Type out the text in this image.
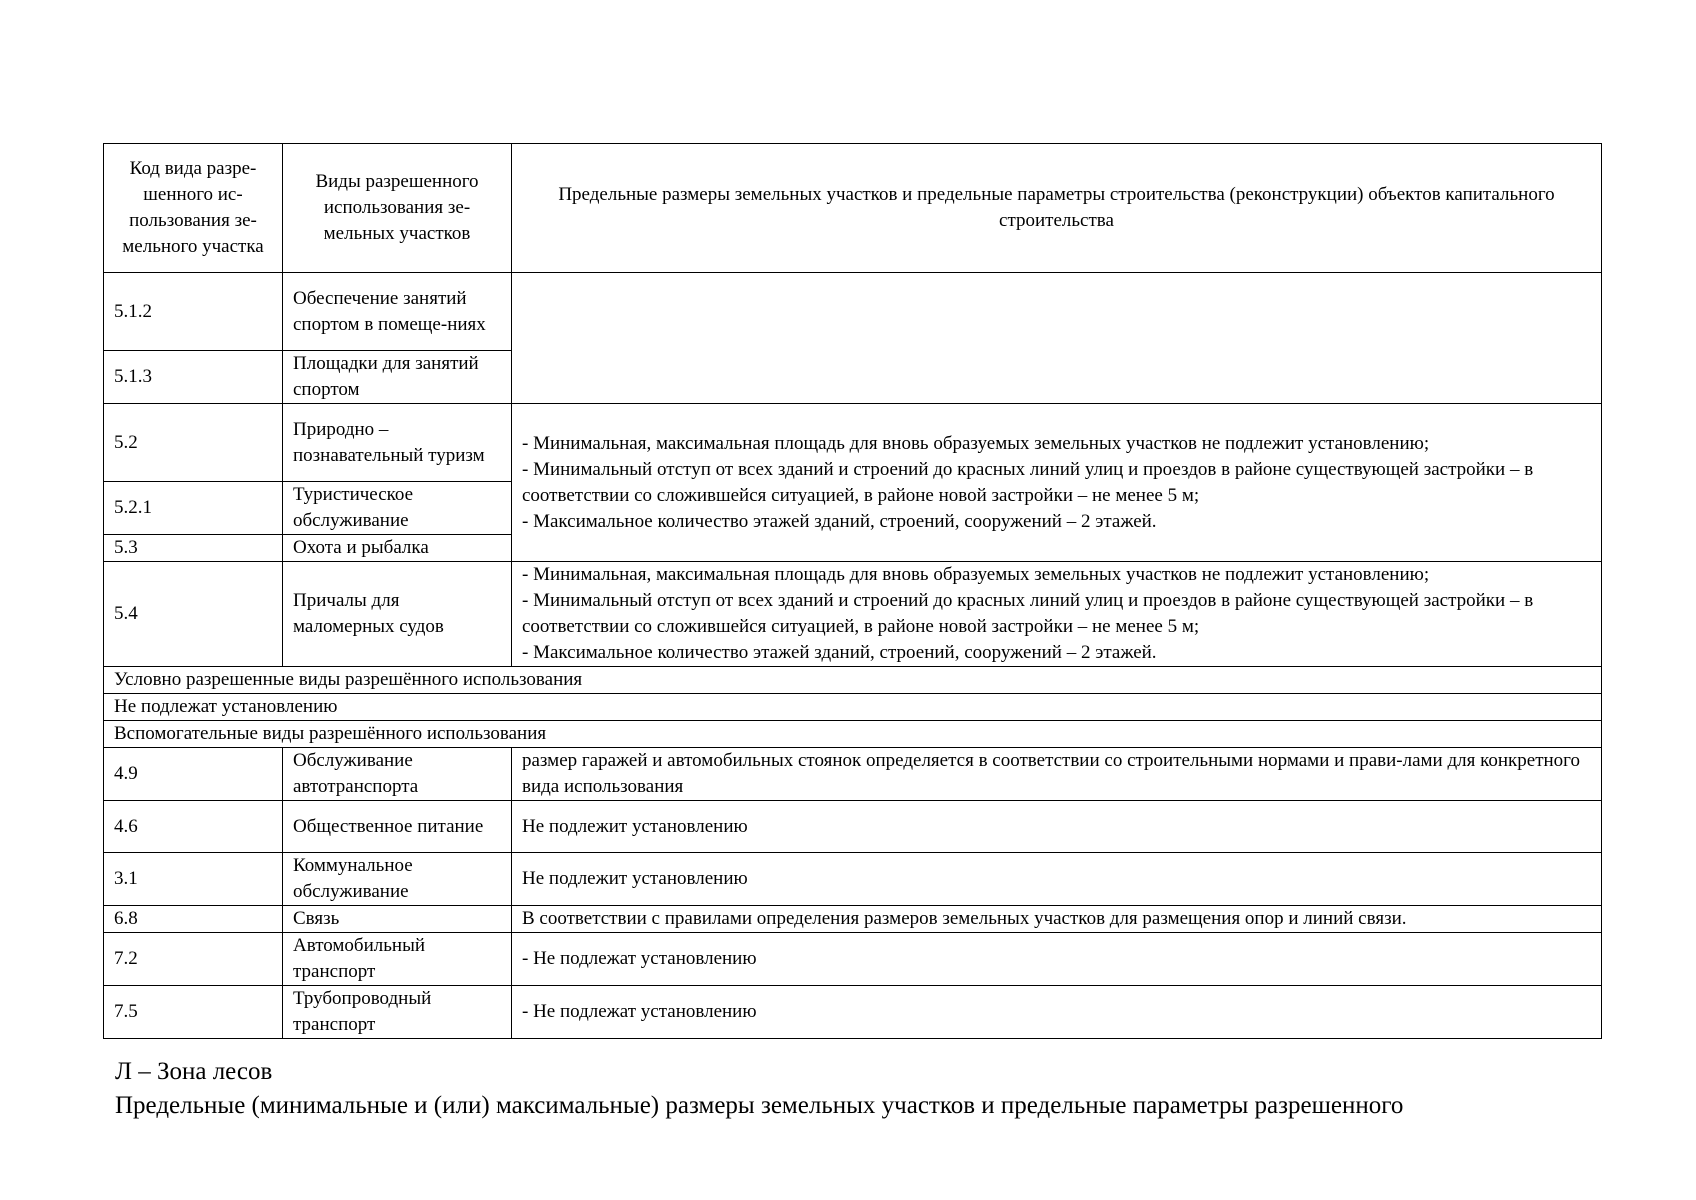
Код вида разре-шенного ис-пользования зе-мельного участка	Виды разрешенного использования зе-мельных участков	Предельные размеры земельных участков и предельные параметры строительства (реконструкции) объектов капитального строительства
5.1.2	Обеспечение занятий спортом в помеще-ниях	
5.1.3	Площадки для занятий спортом	
5.2	Природно – познавательный туризм	- Минимальная, максимальная площадь для вновь образуемых земельных участков не подлежит установлению;
- Минимальный отступ от всех зданий и строений до красных линий улиц и проездов в районе существующей застройки – в соответствии со сложившейся ситуацией, в районе новой застройки – не менее 5 м;
- Максимальное количество этажей зданий, строений, сооружений – 2 этажей.

5.2.1	Туристическое обслуживание	
5.3	Охота и рыбалка	
5.4	Причалы для маломерных судов	- Минимальная, максимальная площадь для вновь образуемых земельных участков не подлежит установлению;
- Минимальный отступ от всех зданий и строений до красных линий улиц и проездов в районе существующей застройки – в соответствии со сложившейся ситуацией, в районе новой застройки – не менее 5 м;
- Максимальное количество этажей зданий, строений, сооружений – 2 этажей.

Условно разрешенные виды разрешённого использования		
Не подлежат установлению		
Вспомогательные виды разрешённого использования		
4.9	Обслуживание автотранспорта	размер гаражей и автомобильных стоянок определяется в соответствии со строительными нормами и прави-лами для конкретного вида использования
4.6	Общественное питание	Не подлежит установлению
3.1	Коммунальное обслуживание	Не подлежит установлению
6.8	Связь	В соответствии с правилами определения размеров земельных участков для размещения опор и линий связи.
7.2	Автомобильный транспорт	- Не подлежат установлению
7.5	Трубопроводный транспорт	- Не подлежат установлению
Л – Зона лесов
Предельные (минимальные и (или) максимальные) размеры земельных участков и предельные параметры разрешенного
